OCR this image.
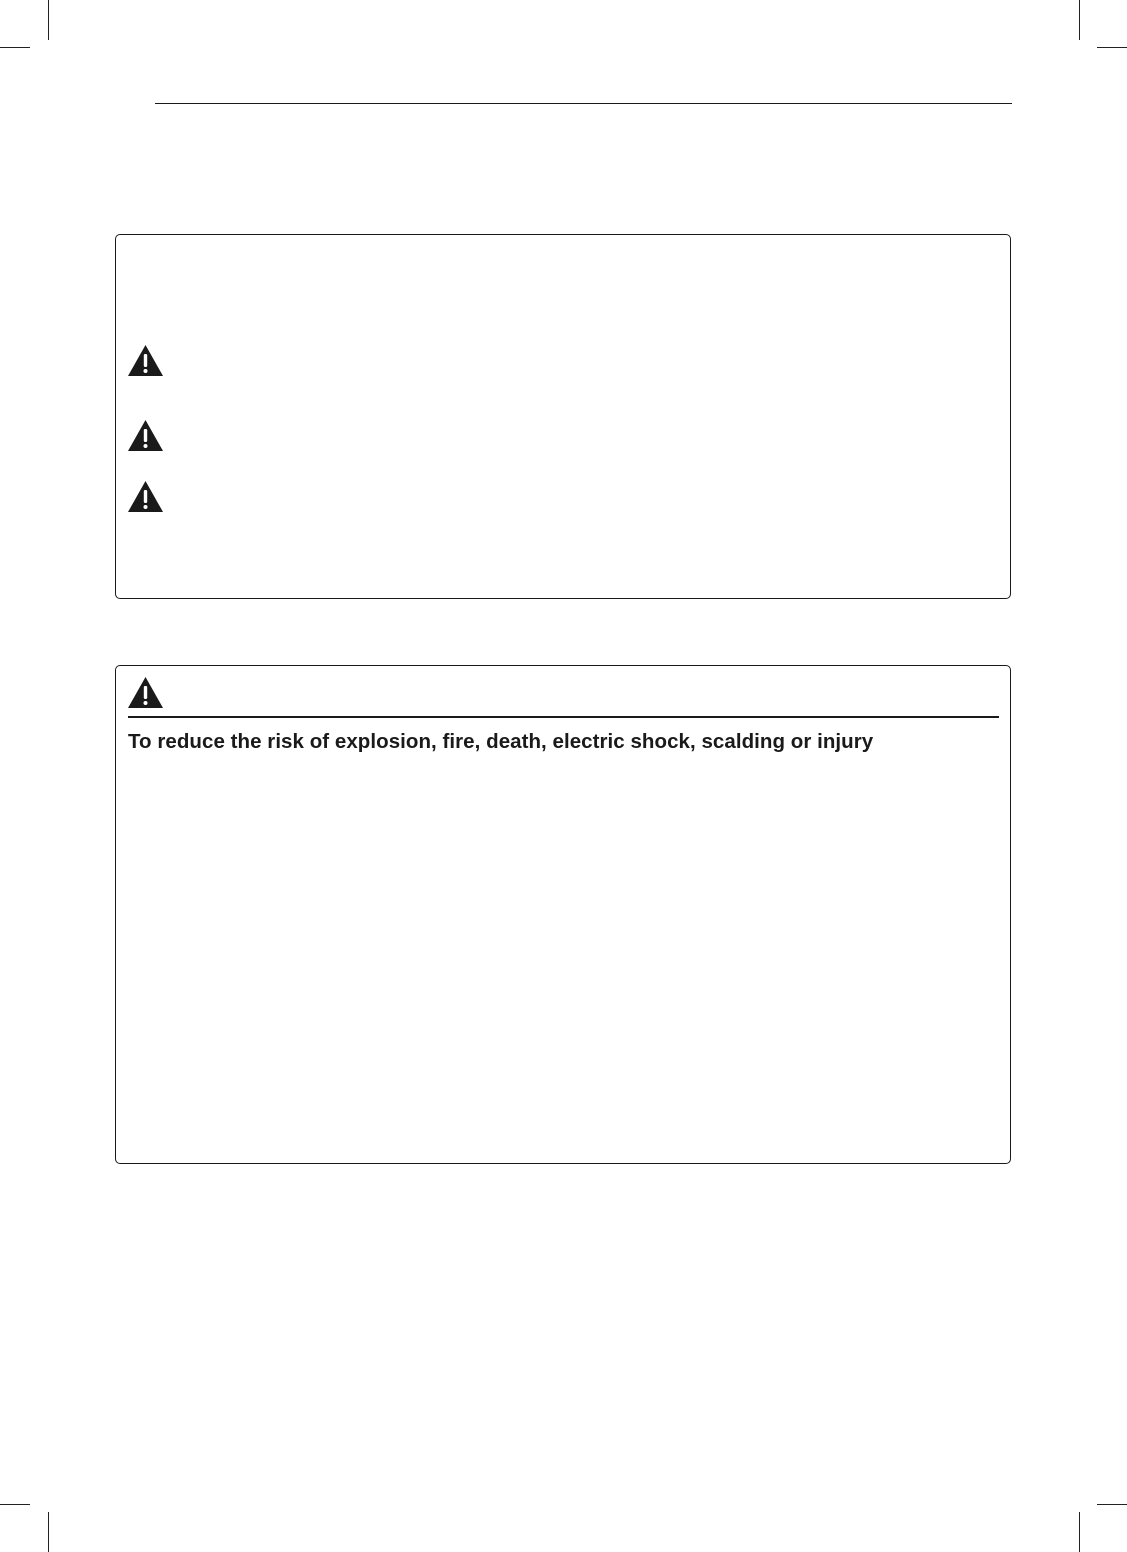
To reduce the risk of explosion, fire, death, electric shock, scalding or injury
